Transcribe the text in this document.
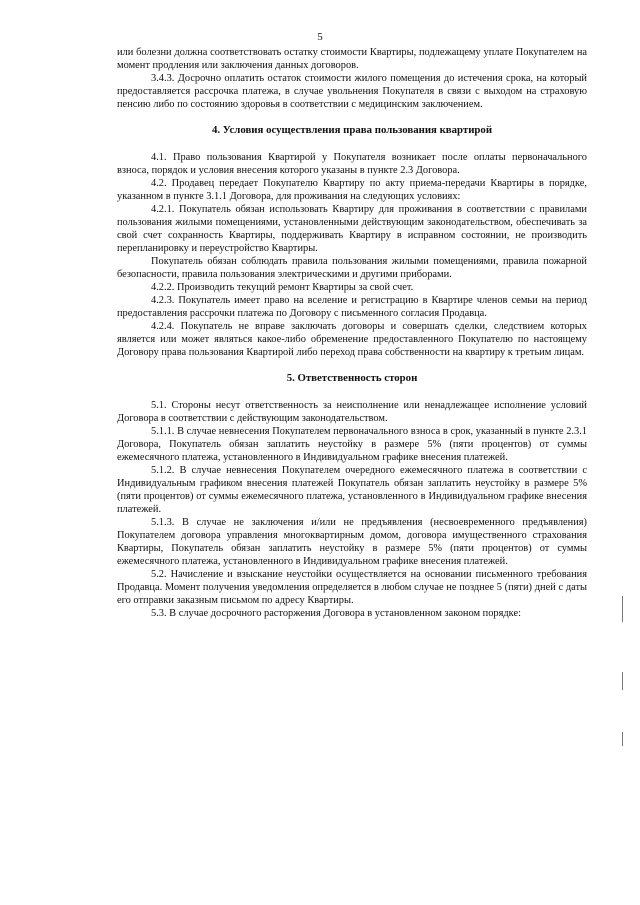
5

или болезни должна соответствовать остатку стоимости Квартиры, подлежащему уплате Покупателем на момент продления или заключения данных договоров.

3.4.3. Досрочно оплатить остаток стоимости жилого помещения до истечения срока, на который предоставляется рассрочка платежа, в случае увольнения Покупателя в связи с выходом на страховую пенсию либо по состоянию здоровья в соответствии с медицинским заключением.

4. Условия осуществления права пользования квартирой

4.1. Право пользования Квартирой у Покупателя возникает после оплаты первоначального взноса, порядок и условия внесения которого указаны в пункте 2.3 Договора.

4.2. Продавец передает Покупателю Квартиру по акту приема-передачи Квартиры в порядке, указанном в пункте 3.1.1 Договора, для проживания на следующих условиях:

4.2.1. Покупатель обязан использовать Квартиру для проживания в соответствии с правилами пользования жилыми помещениями, установленными действующим законодательством, обеспечивать за свой счет сохранность Квартиры, поддерживать Квартиру в исправном состоянии, не производить перепланировку и переустройство Квартиры.

Покупатель обязан соблюдать правила пользования жилыми помещениями, правила пожарной безопасности, правила пользования электрическими и другими приборами.

4.2.2. Производить текущий ремонт Квартиры за свой счет.

4.2.3. Покупатель имеет право на вселение и регистрацию в Квартире членов семьи на период предоставления рассрочки платежа по Договору с письменного согласия Продавца.

4.2.4. Покупатель не вправе заключать договоры и совершать сделки, следствием которых является или может являться какое-либо обременение предоставленного Покупателю по настоящему Договору права пользования Квартирой либо переход права собственности на квартиру к третьим лицам.

5. Ответственность сторон

5.1. Стороны несут ответственность за неисполнение или ненадлежащее исполнение условий Договора в соответствии с действующим законодательством.

5.1.1. В случае невнесения Покупателем первоначального взноса в срок, указанный в пункте 2.3.1 Договора, Покупатель обязан заплатить неустойку в размере 5% (пяти процентов) от суммы ежемесячного платежа, установленного в Индивидуальном графике внесения платежей.

5.1.2. В случае невнесения Покупателем очередного ежемесячного платежа в соответствии с Индивидуальным графиком внесения платежей Покупатель обязан заплатить неустойку в размере 5% (пяти процентов) от суммы ежемесячного платежа, установленного в Индивидуальном графике внесения платежей.

5.1.3. В случае не заключения и/или не предъявления (несвоевременного предъявления) Покупателем договора управления многоквартирным домом, договора имущественного страхования Квартиры, Покупатель обязан заплатить неустойку в размере 5% (пяти процентов) от суммы ежемесячного платежа, установленного в Индивидуальном графике внесения платежей.

5.2. Начисление и взыскание неустойки осуществляется на основании письменного требования Продавца. Момент получения уведомления определяется в любом случае не позднее 5 (пяти) дней с даты его отправки заказным письмом по адресу Квартиры.

5.3. В случае досрочного расторжения Договора в установленном законом порядке:
